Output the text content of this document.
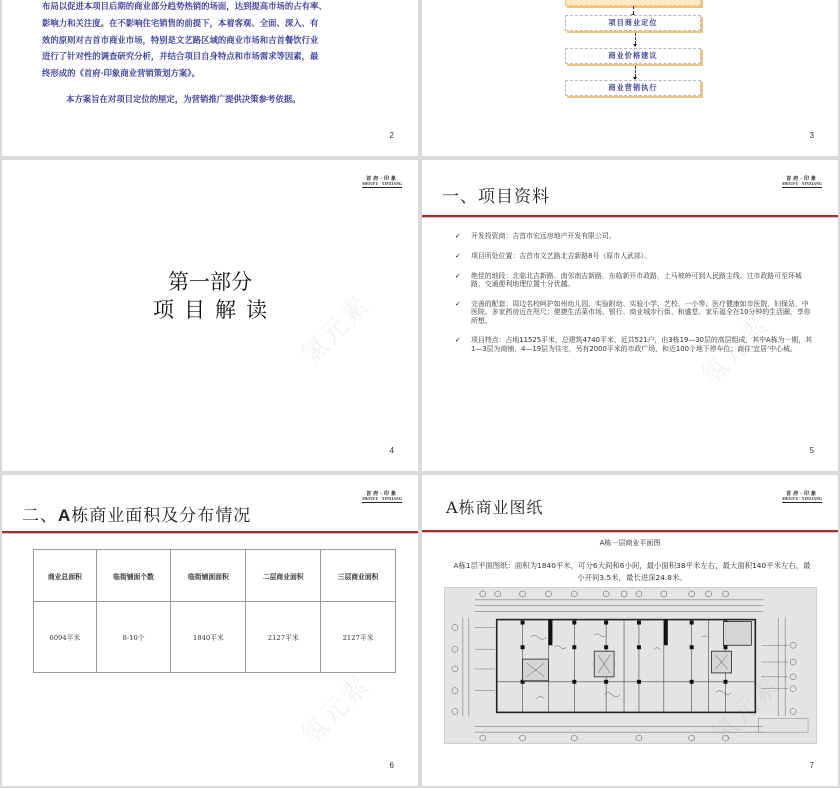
布局以促进本项目后期的商业部分趋势热销的场面，达到提高市场的占有率、

影响力和关注度。在不影响住宅销售的前提下，本着客观、全面、深入、有

效的原则对吉首市商业市场，特别是文艺路区域的商业市场和吉首餐饮行业

进行了针对性的调查研究分析，并结合项目自身特点和市场需求等因素，最

终形成的《首府·印象商业营销策划方案》。

本方案旨在对项目定位的厘定，为营销推广提供决策参考依据。
2
项目商业定位
商业价格建议
商业营销执行
3
首府·印象
SHOUFU · YINXIANG
第一部分
项目解读 氢元素
4
一、项目资料
首府·印象
SHOUFU · YINXIANG
✓ 开发投资商：吉首市宏远房地产开发有限公司。
✓ 项目所处位置：吉首市文艺路北吉新路8号（原市人武部）。
✓ 绝佳的地段：北临北吉新路、南邻南吉新路，东临新开市政路，上马坡岭可到人民路主线、过市政路可至环城路、交通便利地理位置十分优越。
✓ 完善的配套：周边名校呵护如州幼儿园、实验附幼、实验小学、艺校、一小等；医疗健康如市医院、妇保站、中医院、多家药房近在咫尺；便捷生活菜市场、银行、商业城步行街、和盛堂、家乐福全在10分钟的生活圈，享你所想。
✓ 项目特点：占地11525平米，总建筑4740平米，近共521户，由3栋19—30层的高层组成，其中A栋为一期，其1—3层为商铺，4—19层为住宅，另有2000平米的市政广场，和近100个地下停车位；商住‘宜居’中心城。
氢元素
5
二、A栋商业面积及分布情况
首府·印象
SHOUFU · YINXIANG
商业总面积	临街铺面个数	临街铺面面积	二层商业面积	三层商业面积
6094平米	8-10个	1840平米	2127平米	2127平米
氢元素
6
A栋商业图纸
首府·印象
SHOUFU · YINXIANG
A栋一层商业平面图
A栋1层平面图纸：面积为1840平米，可分6大间和6小间，最小面积38平米左右，最大面积140平米左右，最小开间3.5米，最长进深24.8米。
7
